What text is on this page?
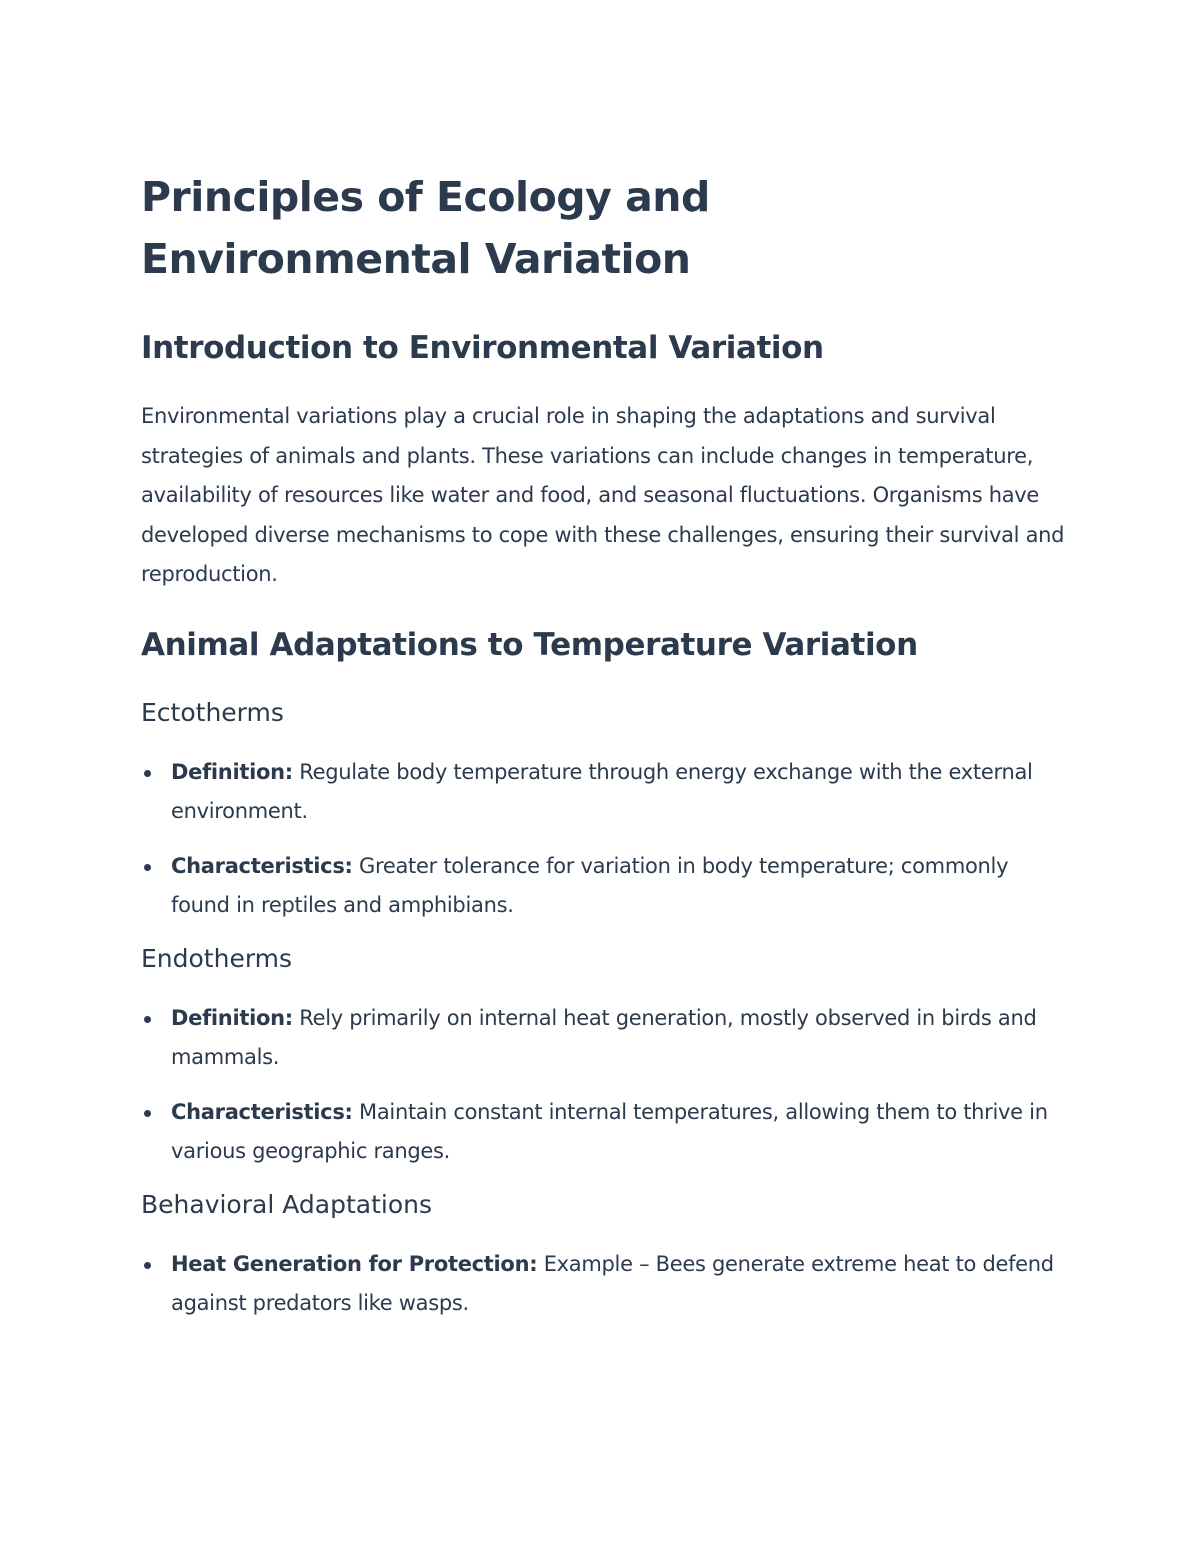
Principles of Ecology and
Environmental Variation
Introduction to Environmental Variation

Environmental variations play a crucial role in shaping the adaptations and survival strategies of animals and plants. These variations can include changes in temperature, availability of resources like water and food, and seasonal fluctuations. Organisms have developed diverse mechanisms to cope with these challenges, ensuring their survival and reproduction.

Animal Adaptations to Temperature Variation
Ectotherms
Definition: Regulate body temperature through energy exchange with the external environment.
Characteristics: Greater tolerance for variation in body temperature; commonly found in reptiles and amphibians.
Endotherms
Definition: Rely primarily on internal heat generation, mostly observed in birds and mammals.
Characteristics: Maintain constant internal temperatures, allowing them to thrive in various geographic ranges.
Behavioral Adaptations
Heat Generation for Protection: Example – Bees generate extreme heat to defend against predators like wasps.
